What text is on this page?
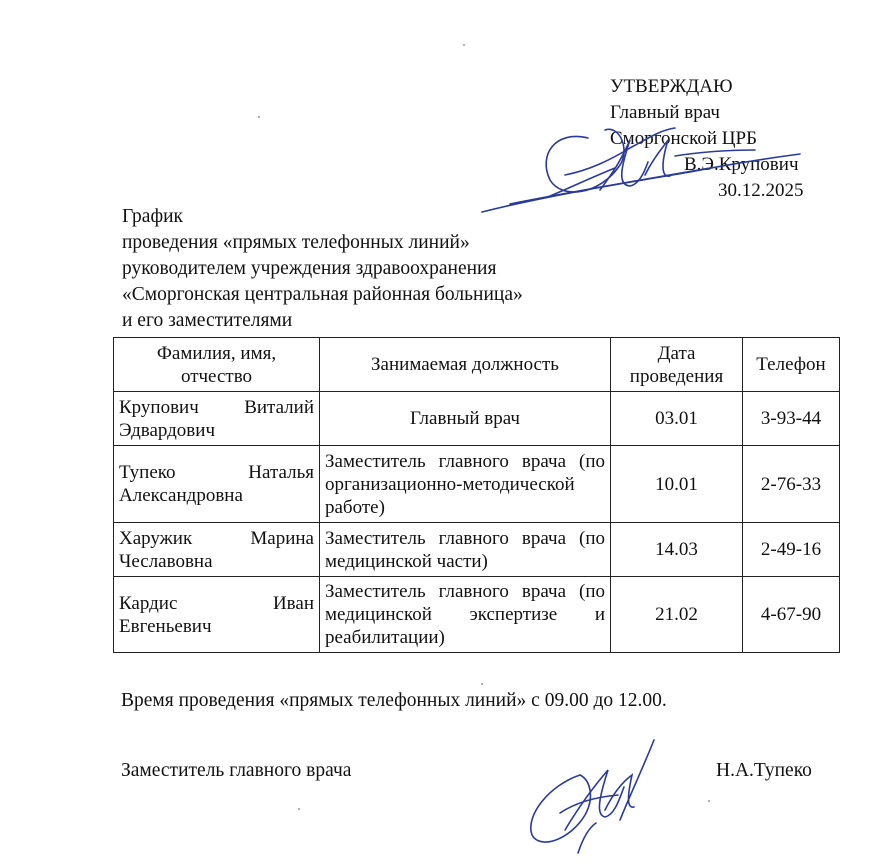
УТВЕРЖДАЮ
Главный врач
Сморгонской ЦРБ
В.Э.Крупович
30.12.2025
График
проведения «прямых телефонных линий»
руководителем учреждения здравоохранения
«Сморгонская центральная районная больница»
и его заместителями
Фамилия, имя, отчество	Занимаемая должность	Дата проведения	Телефон
Крупович Виталий Эдвардович	Главный врач	03.01	3-93-44
Тупеко Наталья Александровна	Заместитель главного врача (по организационно-методической работе)	10.01	2-76-33
Харужик Марина Чеславовна	Заместитель главного врача (по медицинской части)	14.03	2-49-16
Кардис Иван Евгеньевич	Заместитель главного врача (по медицинской экспертизе и реабилитации)	21.02	4-67-90
Время проведения «прямых телефонных линий» с 09.00 до 12.00.
Заместитель главного врача	Н.А.Тупеко
